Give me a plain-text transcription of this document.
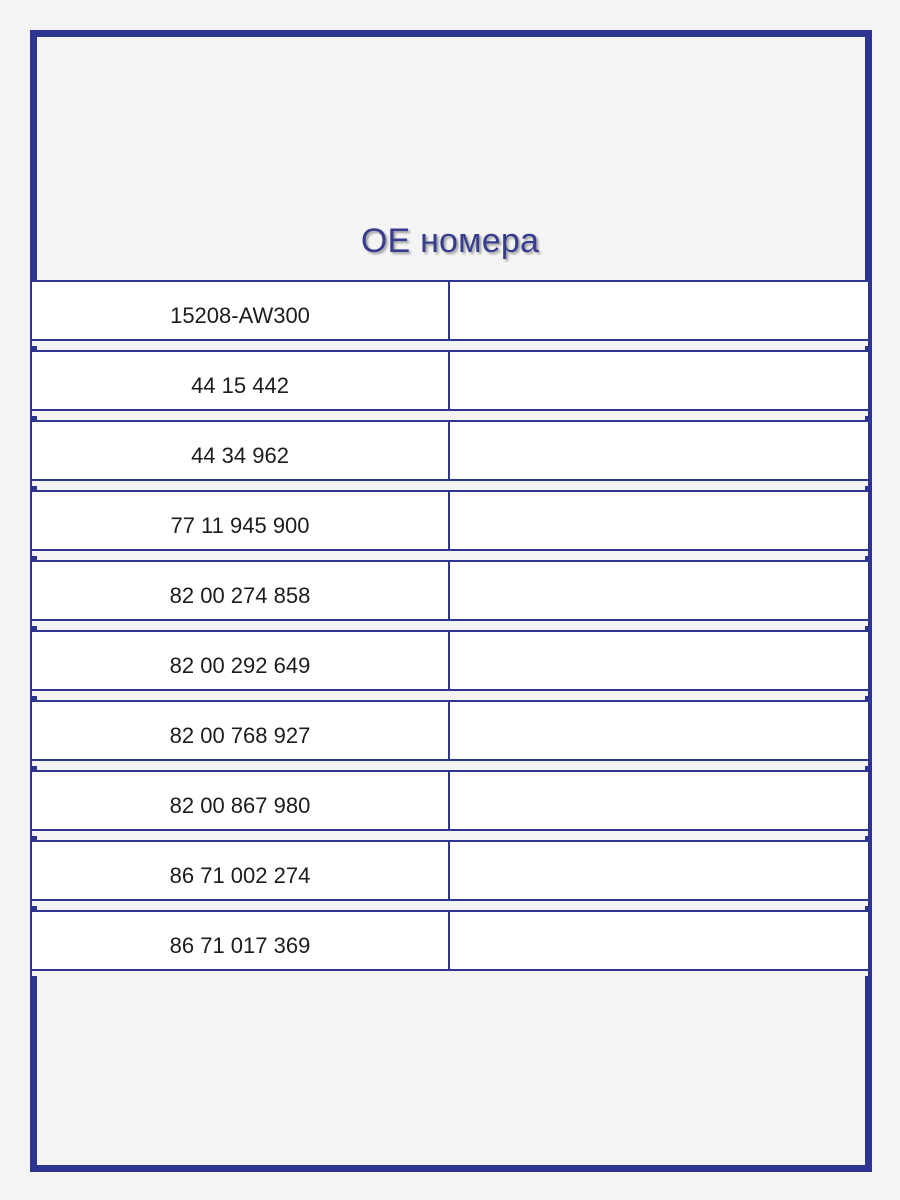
OE номера
15208-AW300
44 15 442
44 34 962
77 11 945 900
82 00 274 858
82 00 292 649
82 00 768 927
82 00 867 980
86 71 002 274
86 71 017 369
